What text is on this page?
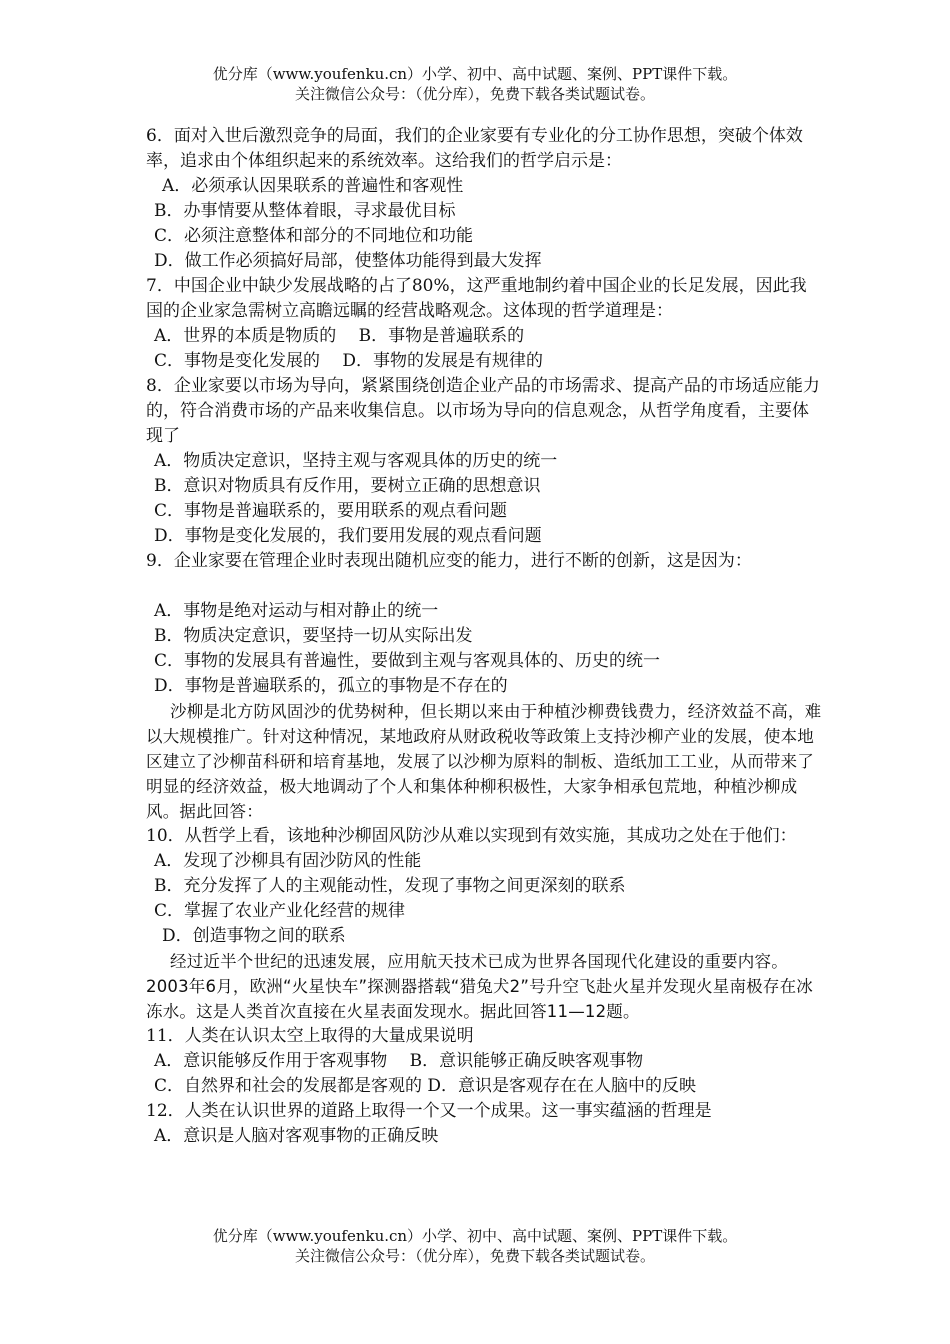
优分库（www.youfenku.cn）小学、初中、高中试题、案例、PPT课件下载。
关注微信公众号：（优分库），免费下载各类试题试卷。
6．面对入世后激烈竞争的局面，我们的企业家要有专业化的分工协作思想，突破个体效率，追求由个体组织起来的系统效率。这给我们的哲学启示是：
A．必须承认因果联系的普遍性和客观性
B．办事情要从整体着眼，寻求最优目标
C．必须注意整体和部分的不同地位和功能
D．做工作必须搞好局部，使整体功能得到最大发挥
7．中国企业中缺少发展战略的占了80%，这严重地制约着中国企业的长足发展，因此我国的企业家急需树立高瞻远瞩的经营战略观念。这体现的哲学道理是：
A．世界的本质是物质的　 B．事物是普遍联系的
C．事物是变化发展的　 D．事物的发展是有规律的
8．企业家要以市场为导向，紧紧围绕创造企业产品的市场需求、提高产品的市场适应能力的，符合消费市场的产品来收集信息。以市场为导向的信息观念，从哲学角度看，主要体现了
A．物质决定意识，坚持主观与客观具体的历史的统一
B．意识对物质具有反作用，要树立正确的思想意识
C．事物是普遍联系的，要用联系的观点看问题
D．事物是变化发展的，我们要用发展的观点看问题
9．企业家要在管理企业时表现出随机应变的能力，进行不断的创新，这是因为：
A．事物是绝对运动与相对静止的统一
B．物质决定意识，要坚持一切从实际出发
C．事物的发展具有普遍性，要做到主观与客观具体的、历史的统一
D．事物是普遍联系的，孤立的事物是不存在的
沙柳是北方防风固沙的优势树种，但长期以来由于种植沙柳费钱费力，经济效益不高，难以大规模推广。针对这种情况，某地政府从财政税收等政策上支持沙柳产业的发展，使本地区建立了沙柳苗科研和培育基地，发展了以沙柳为原料的制板、造纸加工工业，从而带来了明显的经济效益，极大地调动了个人和集体种柳积极性，大家争相承包荒地，种植沙柳成风。据此回答：
10．从哲学上看，该地种沙柳固风防沙从难以实现到有效实施，其成功之处在于他们：
A．发现了沙柳具有固沙防风的性能
B．充分发挥了人的主观能动性，发现了事物之间更深刻的联系
C．掌握了农业产业化经营的规律
D．创造事物之间的联系
经过近半个世纪的迅速发展，应用航天技术已成为世界各国现代化建设的重要内容。2003年6月，欧洲“火星快车”探测器搭载“猎兔犬2”号升空飞赴火星并发现火星南极存在冰冻水。这是人类首次直接在火星表面发现水。据此回答11—12题。
11．人类在认识太空上取得的大量成果说明
A．意识能够反作用于客观事物　 B．意识能够正确反映客观事物
C．自然界和社会的发展都是客观的 D．意识是客观存在在人脑中的反映
12．人类在认识世界的道路上取得一个又一个成果。这一事实蕴涵的哲理是
A．意识是人脑对客观事物的正确反映
优分库（www.youfenku.cn）小学、初中、高中试题、案例、PPT课件下载。
关注微信公众号：（优分库），免费下载各类试题试卷。
